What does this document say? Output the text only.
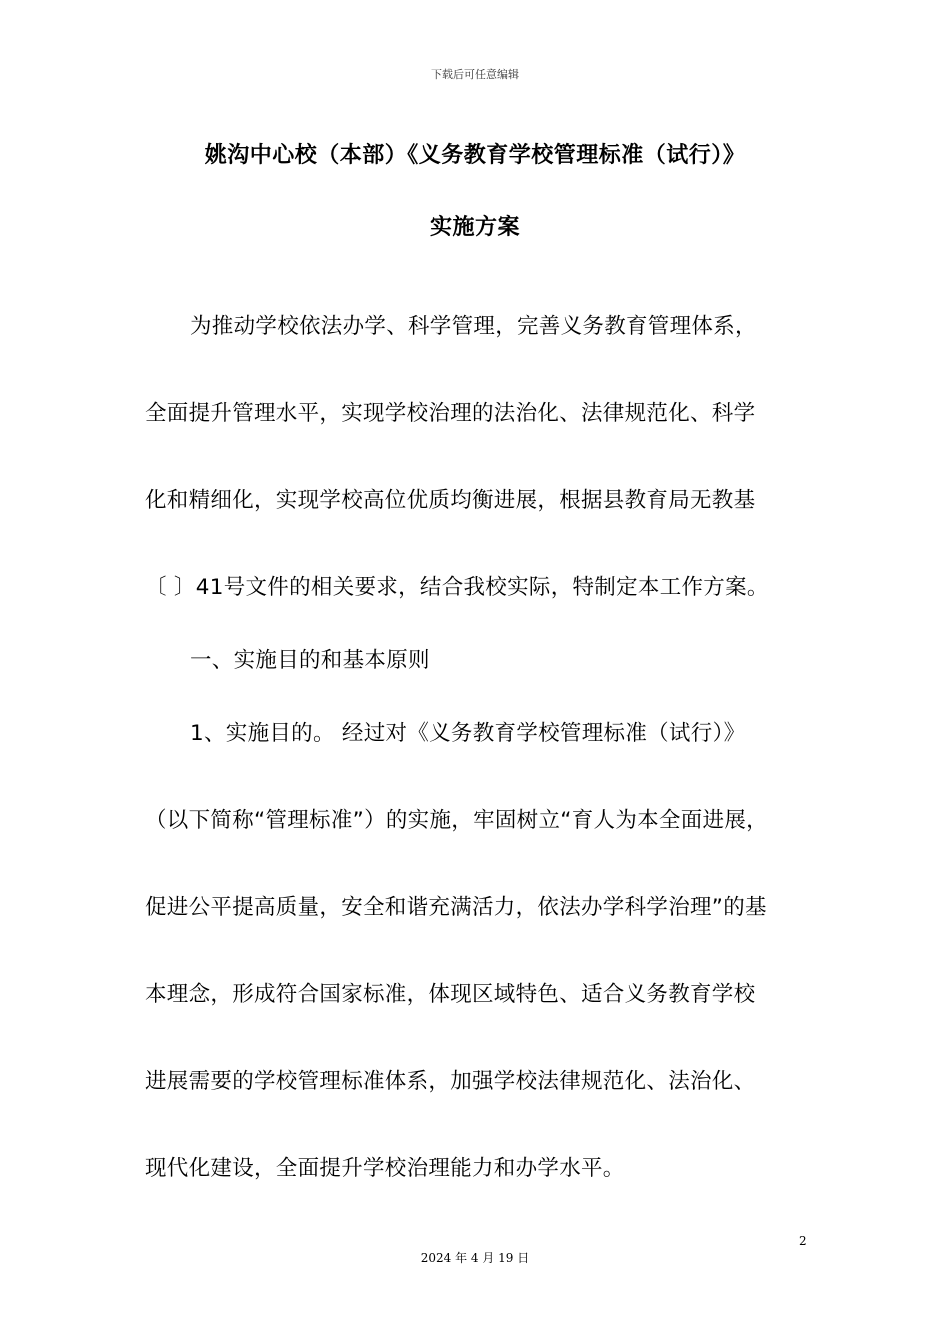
下载后可任意编辑
姚沟中心校（本部）《义务教育学校管理标准（试行）》
实施方案
为推动学校依法办学、科学管理，完善义务教育管理体系，
全面提升管理水平，实现学校治理的法治化、法律规范化、科学
化和精细化，实现学校高位优质均衡进展，根据县教育局无教基
〔 〕41号文件的相关要求，结合我校实际，特制定本工作方案。
一、实施目的和基本原则
1、实施目的。 经过对《义务教育学校管理标准（试行）》
（以下简称“管理标准”）的实施，牢固树立“育人为本全面进展，
促进公平提高质量，安全和谐充满活力，依法办学科学治理”的基
本理念，形成符合国家标准，体现区域特色、适合义务教育学校
进展需要的学校管理标准体系，加强学校法律规范化、法治化、
现代化建设，全面提升学校治理能力和办学水平。
2
2024 年 4 月 19 日
